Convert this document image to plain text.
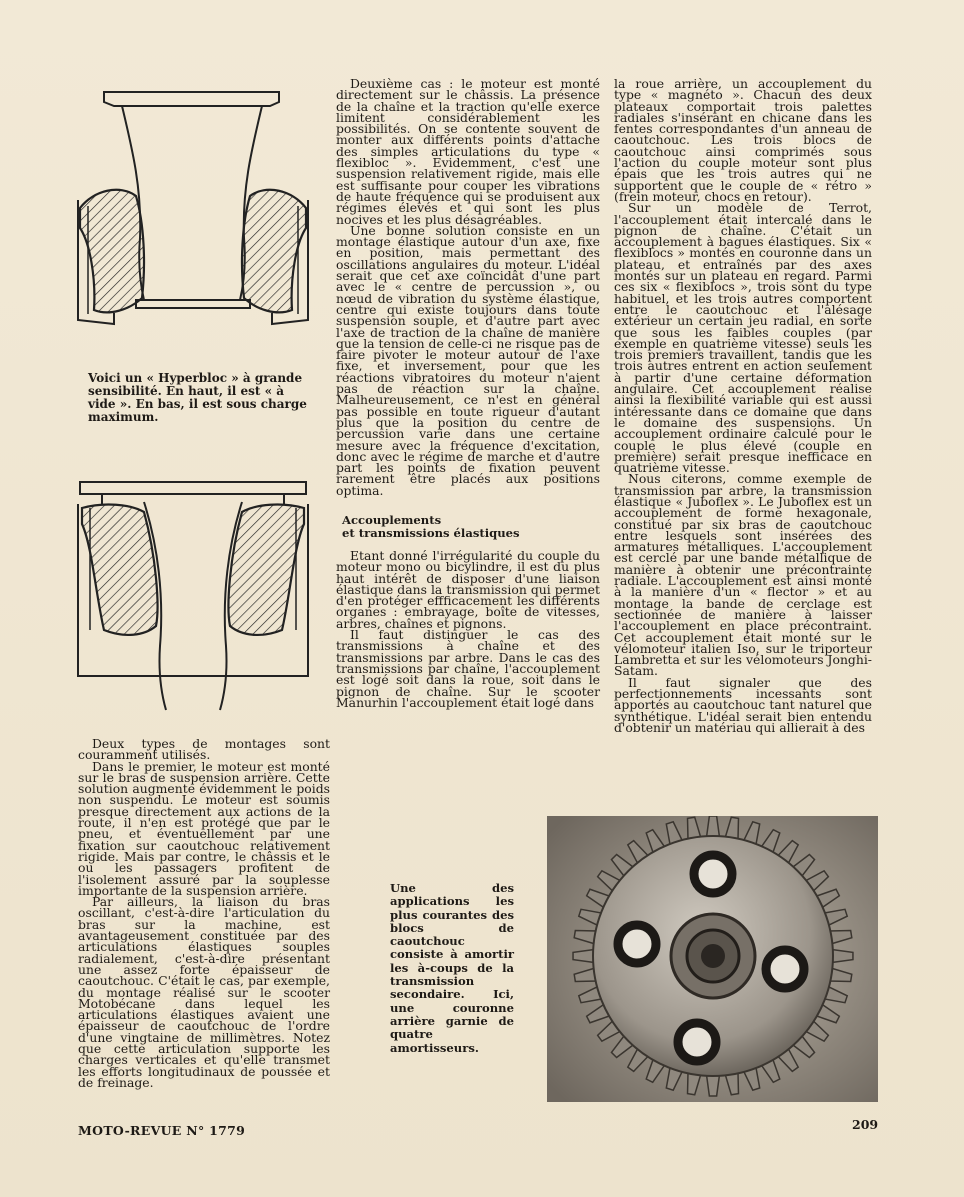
Voici un « Hyperbloc » à grande sensibilité. En haut, il est « à vide ». En bas, il est sous charge maximum.

Deuxième cas : le moteur est monté directement sur le châssis. La présence de la chaîne et la traction qu'elle exerce limitent considérablement les possibilités. On se contente souvent de monter aux différents points d'attache des simples articulations du type « flexibloc ». Evidemment, c'est une suspension relativement rigide, mais elle est suffisante pour couper les vibrations de haute fréquence qui se produisent aux régimes élevés et qui sont les plus nocives et les plus désagréables.

Une bonne solution consiste en un montage élastique autour d'un axe, fixe en position, mais permettant des oscillations angulaires du moteur. L'idéal serait que cet axe coïncidât d'une part avec le « centre de percussion », ou nœud de vibration du système élastique, centre qui existe toujours dans toute suspension souple, et d'autre part avec l'axe de traction de la chaîne de manière que la tension de celle-ci ne risque pas de faire pivoter le moteur autour de l'axe fixe, et inversement, pour que les réactions vibratoires du moteur n'aient pas de réaction sur la chaîne. Malheureusement, ce n'est en général pas possible en toute rigueur d'autant plus que la position du centre de percussion varie dans une certaine mesure avec la fréquence d'excitation, donc avec le régime de marche et d'autre part les points de fixation peuvent rarement être placés aux positions optima.

Accouplements
et transmissions élastiques

Etant donné l'irrégularité du couple du moteur mono ou bicylindre, il est du plus haut intérêt de disposer d'une liaison élastique dans la transmission qui permet d'en protéger effficacement les différents organes : embrayage, boîte de vitesses, arbres, chaînes et pignons.

Il faut distinguer le cas des transmissions à chaîne et des transmissions par arbre. Dans le cas des transmissions par chaîne, l'accouplement est logé soit dans la roue, soit dans le pignon de chaîne. Sur le scooter Manurhin l'accouplement était logé dans

la roue arrière, un accouplement du type « magnéto ». Chacun des deux plateaux comportait trois palettes radiales s'insérant en chicane dans les fentes correspondantes d'un anneau de caoutchouc. Les trois blocs de caoutchouc ainsi comprimés sous l'action du couple moteur sont plus épais que les trois autres qui ne supportent que le couple de « rétro » (frein moteur, chocs en retour).

Sur un modèle de Terrot, l'accouplement était intercalé dans le pignon de chaîne. C'était un accouplement à bagues élastiques. Six « flexiblocs » montés en couronne dans un plateau, et entraînés par des axes montés sur un plateau en regard. Parmi ces six « flexiblocs », trois sont du type habituel, et les trois autres comportent entre le caoutchouc et l'alésage extérieur un certain jeu radial, en sorte que sous les faibles couples (par exemple en quatrième vitesse) seuls les trois premiers travaillent, tandis que les trois autres entrent en action seulement à partir d'une certaine déformation angulaire. Cet accouplement réalise ainsi la flexibilité variable qui est aussi intéressante dans ce domaine que dans le domaine des suspensions. Un accouplement ordinaire calculé pour le couple le plus élevé (couple en première) serait presque inefficace en quatrième vitesse.

Nous citerons, comme exemple de transmission par arbre, la transmission élastique « Juboflex ». Le Juboflex est un accouplement de forme hexagonale, constitué par six bras de caoutchouc entre lesquels sont insérées des armatures métalliques. L'accouplement est cerclé par une bande métallique de manière à obtenir une précontrainte radiale. L'accouplement est ainsi monté à la manière d'un « flector » et au montage la bande de cerclage est sectionnée de manière à laisser l'accouplement en place précontraint. Cet accouplement était monté sur le vélomoteur italien Iso, sur le triporteur Lambretta et sur les vélomoteurs Jonghi-Satam.

Il faut signaler que des perfectionnements incessants sont apportés au caoutchouc tant naturel que synthétique. L'idéal serait bien entendu d'obtenir un matériau qui allierait à des

Deux types de montages sont couramment utilisés.

Dans le premier, le moteur est monté sur le bras de suspension arrière. Cette solution augmente évidemment le poids non suspendu. Le moteur est soumis presque directement aux actions de la route, il n'en est protégé que par le pneu, et éventuellement par une fixation sur caoutchouc relativement rigide. Mais par contre, le châssis et le ou les passagers profitent de l'isolement assuré par la souplesse importante de la suspension arrière.

Par ailleurs, la liaison du bras oscillant, c'est-à-dire l'articulation du bras sur la machine, est avantageusement constituée par des articulations élastiques souples radialement, c'est-à-dire présentant une assez forte épaisseur de caoutchouc. C'était le cas, par exemple, du montage réalisé sur le scooter Motobécane dans lequel les articulations élastiques avaient une épaisseur de caoutchouc de l'ordre d'une vingtaine de millimètres. Notez que cette articulation supporte les charges verticales et qu'elle transmet les efforts longitudinaux de poussée et de freinage.

Une des applications les plus courantes des blocs de caoutchouc consiste à amortir les à-coups de la transmission secondaire. Ici, une couronne arrière garnie de quatre amortisseurs.
MOTO-REVUE N° 1779	209
